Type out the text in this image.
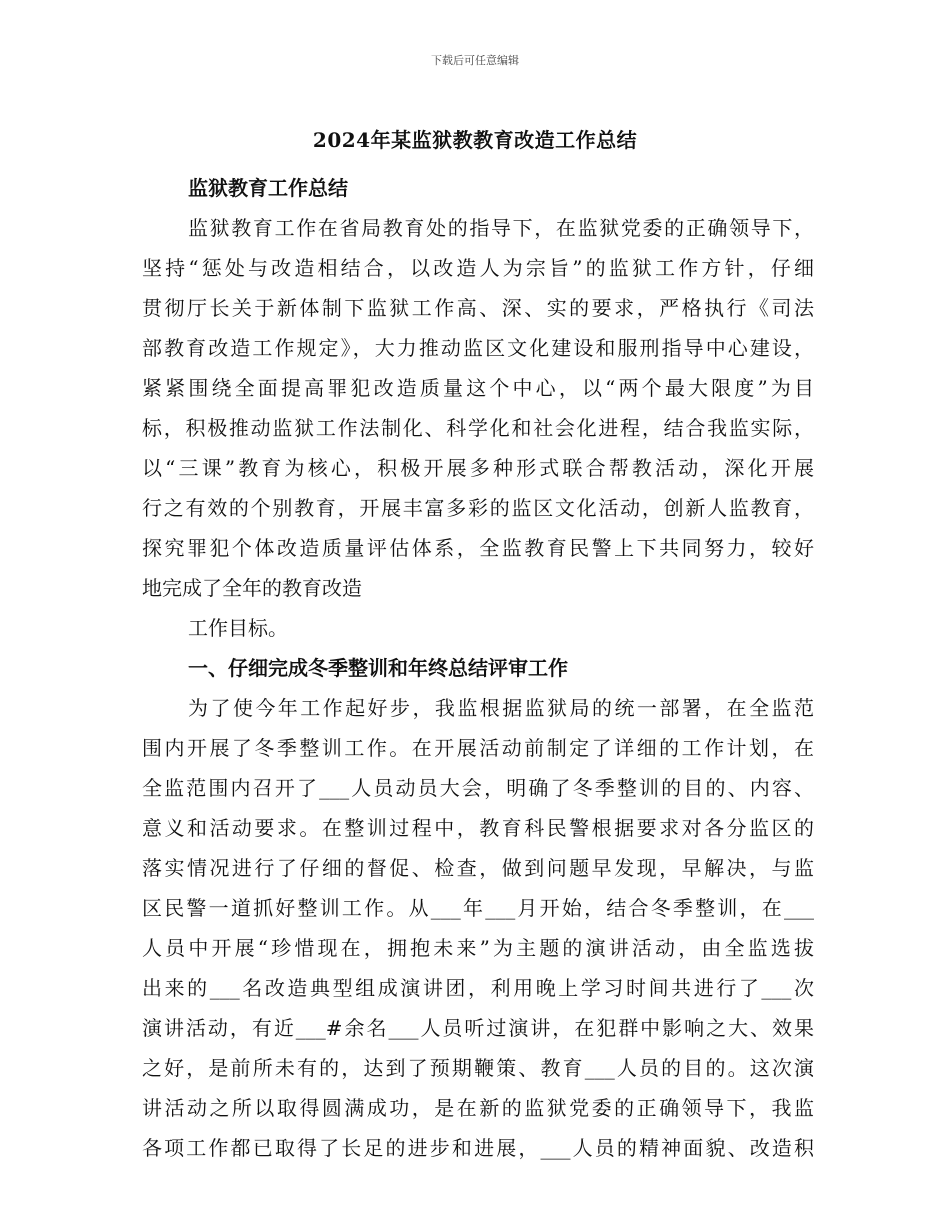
下载后可任意编辑
2024年某监狱教教育改造工作总结
监狱教育工作总结
监狱教育工作在省局教育处的指导下，在监狱党委的正确领导下，
坚持“惩处与改造相结合，以改造人为宗旨”的监狱工作方针，仔细
贯彻厅长关于新体制下监狱工作高、深、实的要求，严格执行《司法
部教育改造工作规定》，大力推动监区文化建设和服刑指导中心建设，
紧紧围绕全面提高罪犯改造质量这个中心，以“两个最大限度”为目
标，积极推动监狱工作法制化、科学化和社会化进程，结合我监实际，
以“三课”教育为核心，积极开展多种形式联合帮教活动，深化开展
行之有效的个别教育，开展丰富多彩的监区文化活动，创新人监教育，
探究罪犯个体改造质量评估体系，全监教育民警上下共同努力，较好
地完成了全年的教育改造
工作目标。
一、仔细完成冬季整训和年终总结评审工作
为了使今年工作起好步，我监根据监狱局的统一部署，在全监范
围内开展了冬季整训工作。在开展活动前制定了详细的工作计划，在
全监范围内召开了___人员动员大会，明确了冬季整训的目的、内容、
意义和活动要求。在整训过程中，教育科民警根据要求对各分监区的
落实情况进行了仔细的督促、检查，做到问题早发现，早解决，与监
区民警一道抓好整训工作。从___年___月开始，结合冬季整训，在___
人员中开展“珍惜现在，拥抱未来”为主题的演讲活动，由全监选拔
出来的___名改造典型组成演讲团，利用晚上学习时间共进行了___次
演讲活动，有近___#余名___人员听过演讲，在犯群中影响之大、效果
之好，是前所未有的，达到了预期鞭策、教育___人员的目的。这次演
讲活动之所以取得圆满成功，是在新的监狱党委的正确领导下，我监
各项工作都已取得了长足的进步和进展，___人员的精神面貌、改造积
